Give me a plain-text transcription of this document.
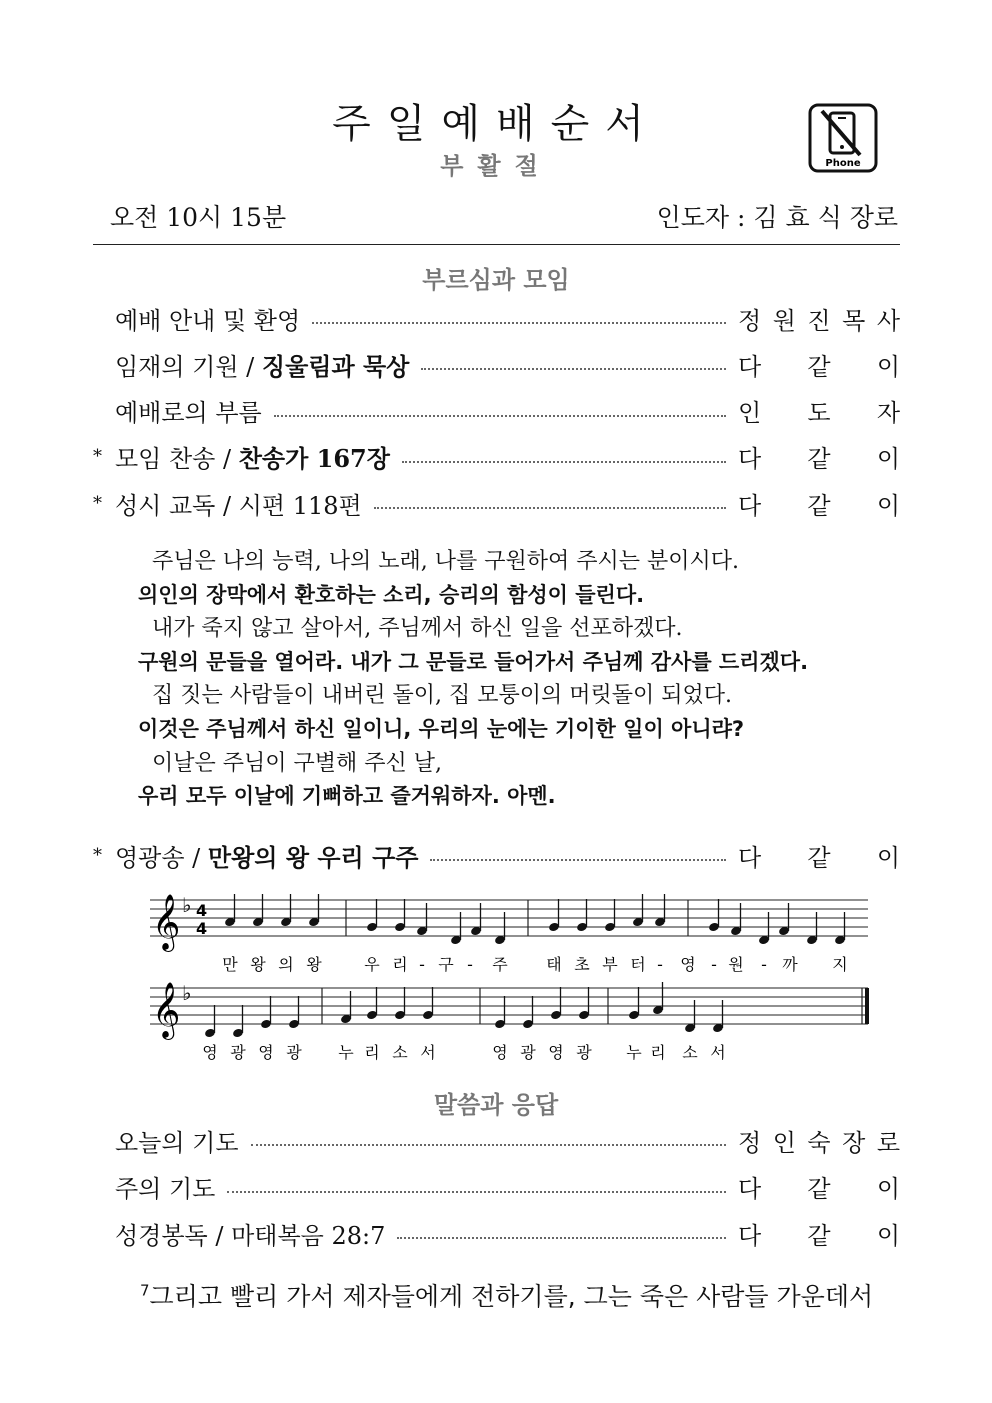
주일예배순서
부활절	Phone
오전 10시 15분	인도자 : 김 효 식 장로
부르심과 모임
예배 안내 및 환영	정 원 진 목 사
임재의 기원 / 징울림과 묵상	다 같 이
예배로의 부름	인 도 자
* 모임 찬송 / 찬송가 167장	다 같 이
* 성시 교독 / 시편 118편	다 같 이
주님은 나의 능력, 나의 노래, 나를 구원하여 주시는 분이시다.
의인의 장막에서 환호하는 소리, 승리의 함성이 들린다.
내가 죽지 않고 살아서, 주님께서 하신 일을 선포하겠다.
구원의 문들을 열어라. 내가 그 문들로 들어가서 주님께 감사를 드리겠다.
집 짓는 사람들이 내버린 돌이, 집 모퉁이의 머릿돌이 되었다.
이것은 주님께서 하신 일이니, 우리의 눈에는 기이한 일이 아니랴?
이날은 주님이 구별해 주신 날,
우리 모두 이날에 기뻐하고 즐거워하자. 아멘.
* 영광송 / 만왕의 왕 우리 구주	다 같 이
𝄞 ♭ 4
4
𝄞 ♭
만 왕 의 왕	우 리 - 구 - 주 태 초 부 터 - 영 - 원 - 까 지
영 광 영 광 누 리 소 서	영 광 영 광 누 리 소 서
말씀과 응답
오늘의 기도	정 인 숙 장 로
주의 기도	다 같 이
성경봉독 / 마태복음 28:7	다 같 이
$^7$그리고 빨리 가서 제자들에게 전하기를, 그는 죽은 사람들 가운데서
